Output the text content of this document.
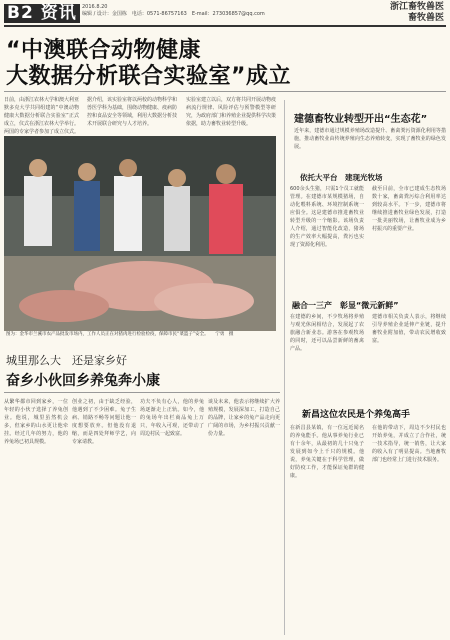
B2 资讯	2016.8.20
编辑 / 设计：金国栋　电话：0571-86757163　E-mail：273036857@qq.com
浙江畜牧兽医
畜牧兽医
“中澳联合动物健康
大数据分析联合实验室”成立
日前，由浙江农林大学和澳大利亚默多克大学共同组建的“中澳动物健康大数据分析联合实验室”正式成立，仪式在浙江农林大学举行。两国的专家学者参加了成立仪式。
据介绍，该实验室将以两校的动物科学和兽医学科为基础，围绕动物健康、疫病防控和食品安全等领域，利用大数据分析技术开展联合研究与人才培养。
实验室建立以后，双方将共同开展动物疫病流行规律、风险评估与预警模型等研究，为政府部门和养殖企业提供科学决策依据，助力畜牧业转型升级。
图为：金华市兰溪市农产品批发市场内，工作人员正在对猪肉进行检验检疫，保障市民“菜篮子”安全。　　宁勇　摄
建德畜牧业转型开出“生态花”
近年来，建德市通过规模养殖场改造提升、畜禽粪污资源化利用等措施，推动畜牧业由传统养殖向生态养殖转变，实现了畜牧业的绿色发展。
依托大平台　建现光牧场
600余头生猪，只需1个员工就能管理。在建德市某规模猪场，自动化喂料系统、环境控制系统一应俱全。这是建德市推进畜牧业转型升级的一个缩影。该场负责人介绍，通过智能化改造，猪场的生产效率大幅提高，粪污也实现了资源化利用。
截至目前，全市已建成生态牧场数十家，畜禽粪污综合利用率达到较高水平。下一步，建德市将继续推进畜牧业绿色发展，打造一批美丽牧场，让畜牧业成为乡村振兴的重要产业。
融合一三产　彰显“微元新鲜”
在建德的乡间，不少牧场将养殖与观光休闲相结合，发展起了农旅融合新业态。游客在参观牧场的同时，还可以品尝新鲜的畜禽产品。
建德市相关负责人表示，将继续引导养殖企业延伸产业链，提升畜牧业附加值，带动农民增收致富。
新昌这位农民是个养兔高手
在新昌县某镇，有一位远近闻名的养兔能手。他从事养兔行业已有十余年，从最初的几十只兔子发展到如今上千只的规模。他说，养兔关键在于科学管理，做好防疫工作，才能保证兔群的健康。
在他的带动下，周边不少村民也开始养兔，并成立了合作社，统一技术指导，统一销售，让大家的收入有了明显提高。当地畜牧部门也经常上门进行技术服务。
城里那么大　还是家乡好
奋乡小伙回乡养兔奔小康
从繁华都市回到家乡，一位年轻的小伙子选择了养兔创业。他说，城里虽然机会多，但家乡的山水更让他牵挂。经过几年的努力，他的养兔场已初具规模。
创业之初，由于缺乏经验，他遇到了不少困难。兔子生病、销路不畅等问题让他一度想要放弃。但他没有退缩，而是四处拜师学艺，向专家请教。
功夫不负有心人，他的养兔场逐渐走上正轨。如今，他的兔场年出栏商品兔上万只，年收入可观，还带动了周边村民一起致富。
谈及未来，他表示将继续扩大养殖规模，发展深加工，打造自己的品牌，让家乡的兔产品走向更广阔的市场，为乡村振兴贡献一份力量。
